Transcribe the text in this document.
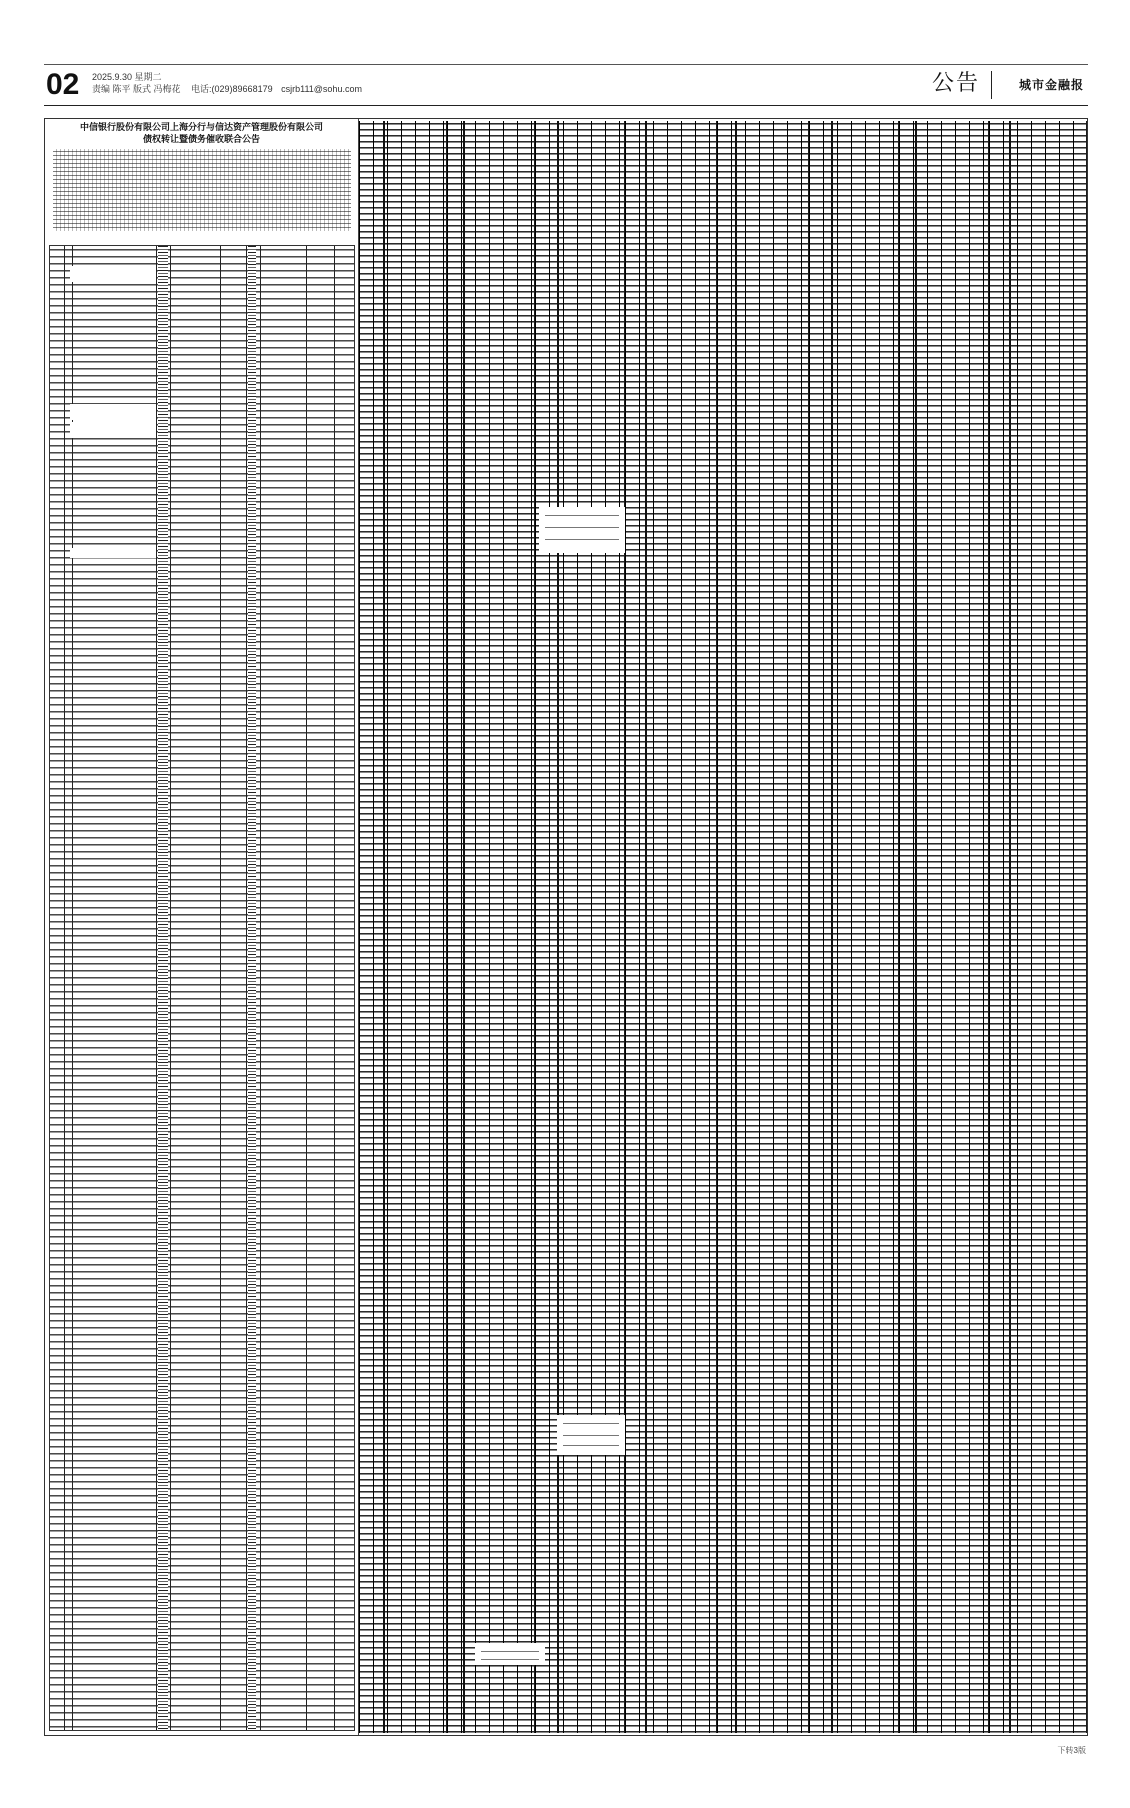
02 2025.9.30 星期二
责编 陈平 版式 冯梅花 电话:(029)89668179 csjrb111@sohu.com	公告	城市金融报
中信银行股份有限公司上海分行与信达资产管理股份有限公司
债权转让暨债务催收联合公告
下转3版
